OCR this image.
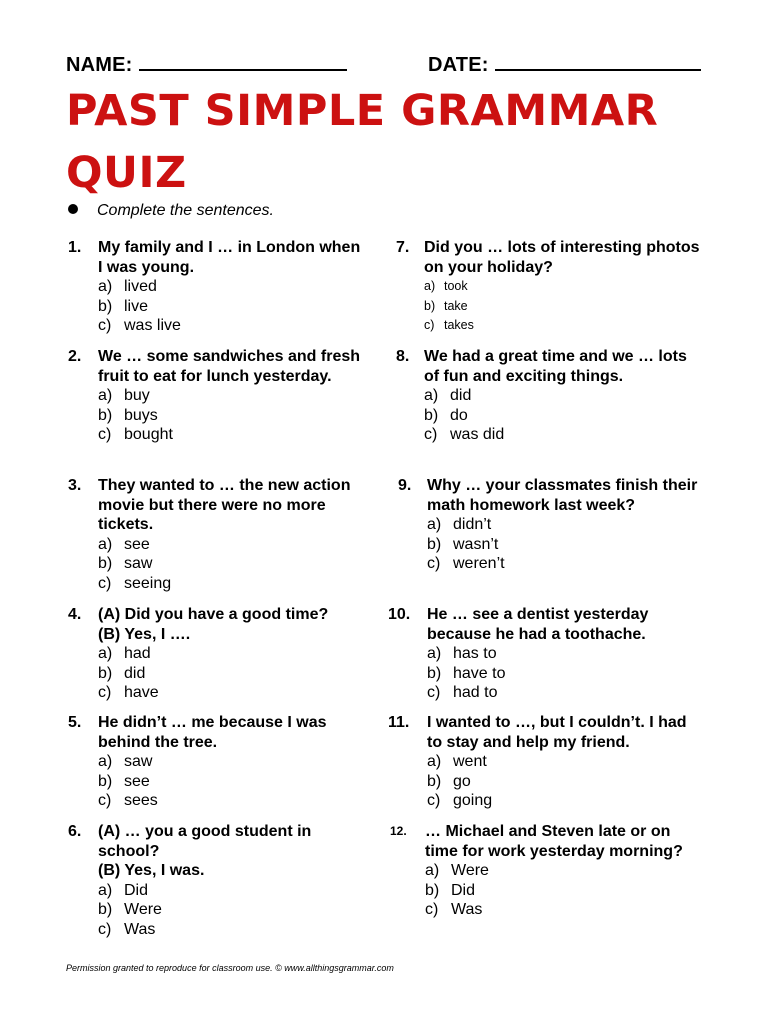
NAME:	DATE:
PAST SIMPLE GRAMMAR QUIZ
Complete the sentences.
1.	My family and I … in London when I was young.
a) lived
b) live
c) was live
2.	We … some sandwiches and fresh fruit to eat for lunch yesterday.
a) buy
b) buys
c) bought
3.	They wanted to … the new action movie but there were no more tickets.
a) see
b) saw
c) seeing
4.	(A) Did you have a good time?
(B) Yes, I ….
a) had
b) did
c) have
5.	He didn’t … me because I was behind the tree.
a) saw
b) see
c) sees
6.	(A) … you a good student in school?
(B) Yes, I was.
a) Did
b) Were
c) Was
7. Did you … lots of interesting photos on your holiday?
a) took
b) take
c) takes
8. We had a great time and we … lots of fun and exciting things.
a) did
b) do
c) was did
9. Why … your classmates finish their math homework last week?
a) didn’t
b) wasn’t
c) weren’t
10.	He … see a dentist yesterday because he had a toothache.
a) has to
b) have to
c) had to
11.	I wanted to …, but I couldn’t. I had to stay and help my friend.
a) went
b) go
c) going
12.	… Michael and Steven late or on time for work yesterday morning?
a) Were
b) Did
c) Was
Permission granted to reproduce for classroom use. © www.allthingsgrammar.com
